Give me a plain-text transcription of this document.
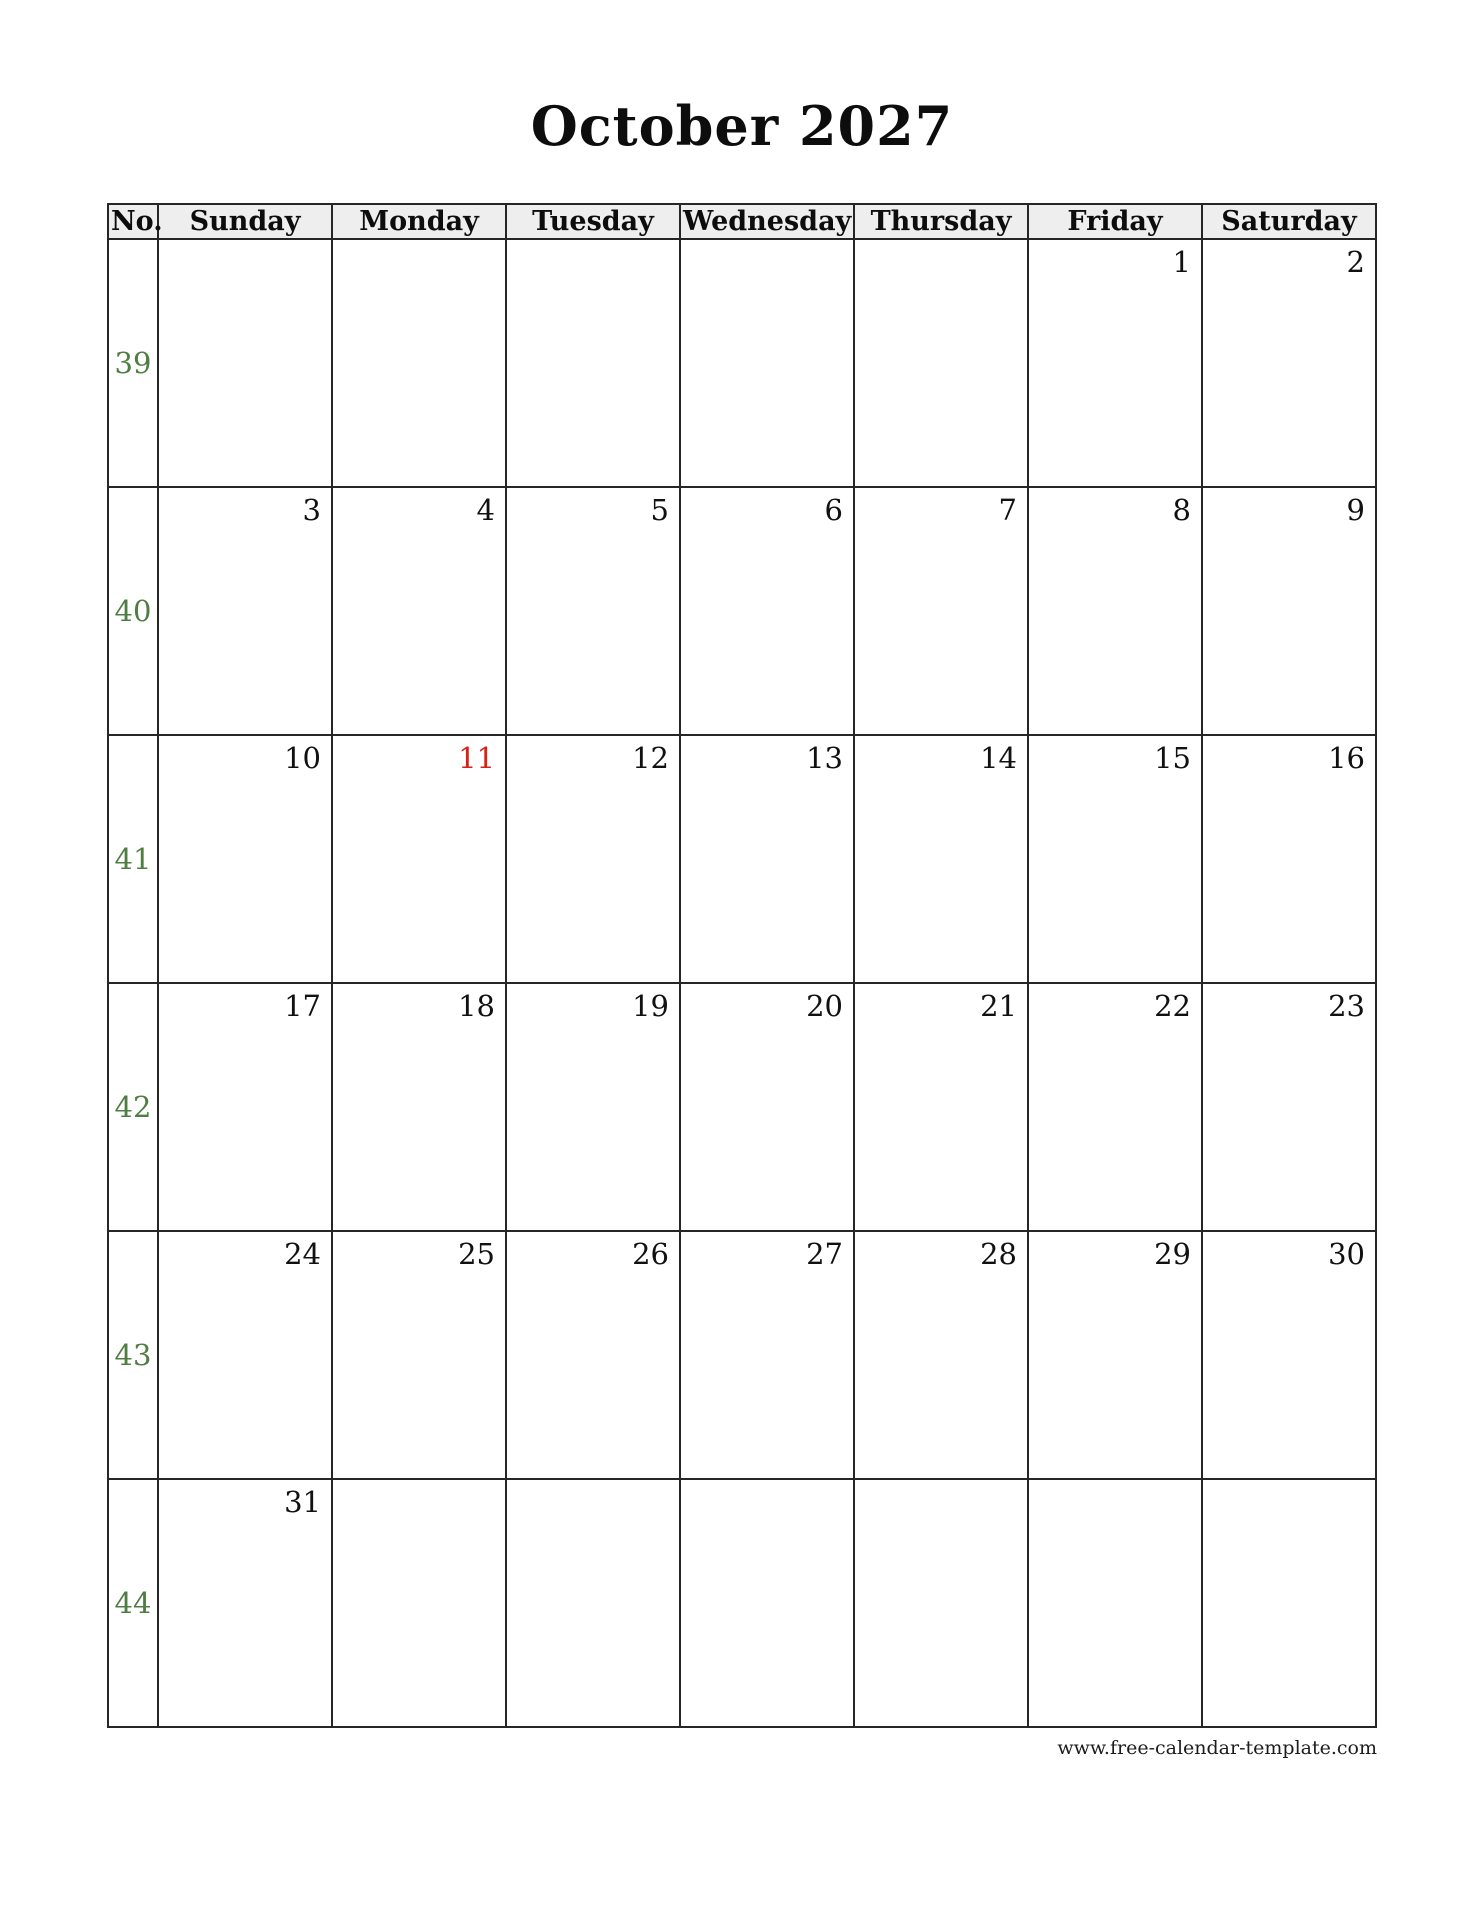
October 2027
No.	Sunday	Monday	Tuesday	Wednesday	Thursday	Friday	Saturday
39						1	2
40	3	4	5	6	7	8	9
41	10	11	12	13	14	15	16
42	17	18	19	20	21	22	23
43	24	25	26	27	28	29	30
44	31						
www.free-calendar-template.com
